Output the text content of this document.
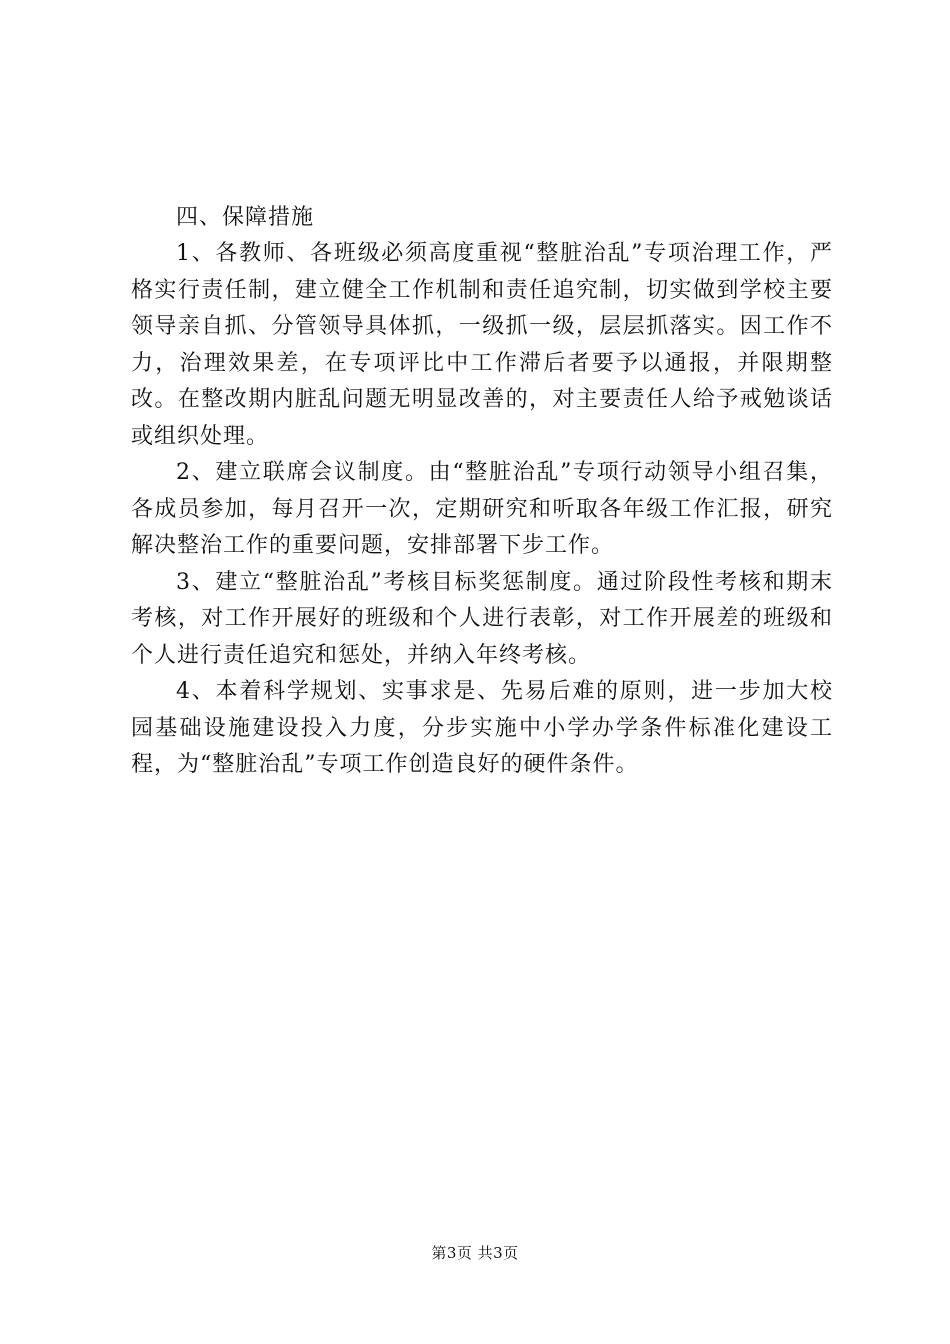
四、保障措施

1、各教师、各班级必须高度重视“整脏治乱”专项治理工作，严格实行责任制，建立健全工作机制和责任追究制，切实做到学校主要领导亲自抓、分管领导具体抓，一级抓一级，层层抓落实。因工作不力，治理效果差，在专项评比中工作滞后者要予以通报，并限期整改。在整改期内脏乱问题无明显改善的，对主要责任人给予戒勉谈话或组织处理。

2、建立联席会议制度。由“整脏治乱”专项行动领导小组召集，各成员参加，每月召开一次，定期研究和听取各年级工作汇报，研究解决整治工作的重要问题，安排部署下步工作。

3、建立“整脏治乱”考核目标奖惩制度。通过阶段性考核和期末考核，对工作开展好的班级和个人进行表彰，对工作开展差的班级和个人进行责任追究和惩处，并纳入年终考核。

4、本着科学规划、实事求是、先易后难的原则，进一步加大校园基础设施建设投入力度，分步实施中小学办学条件标准化建设工程，为“整脏治乱”专项工作创造良好的硬件条件。

第3页 共3页
